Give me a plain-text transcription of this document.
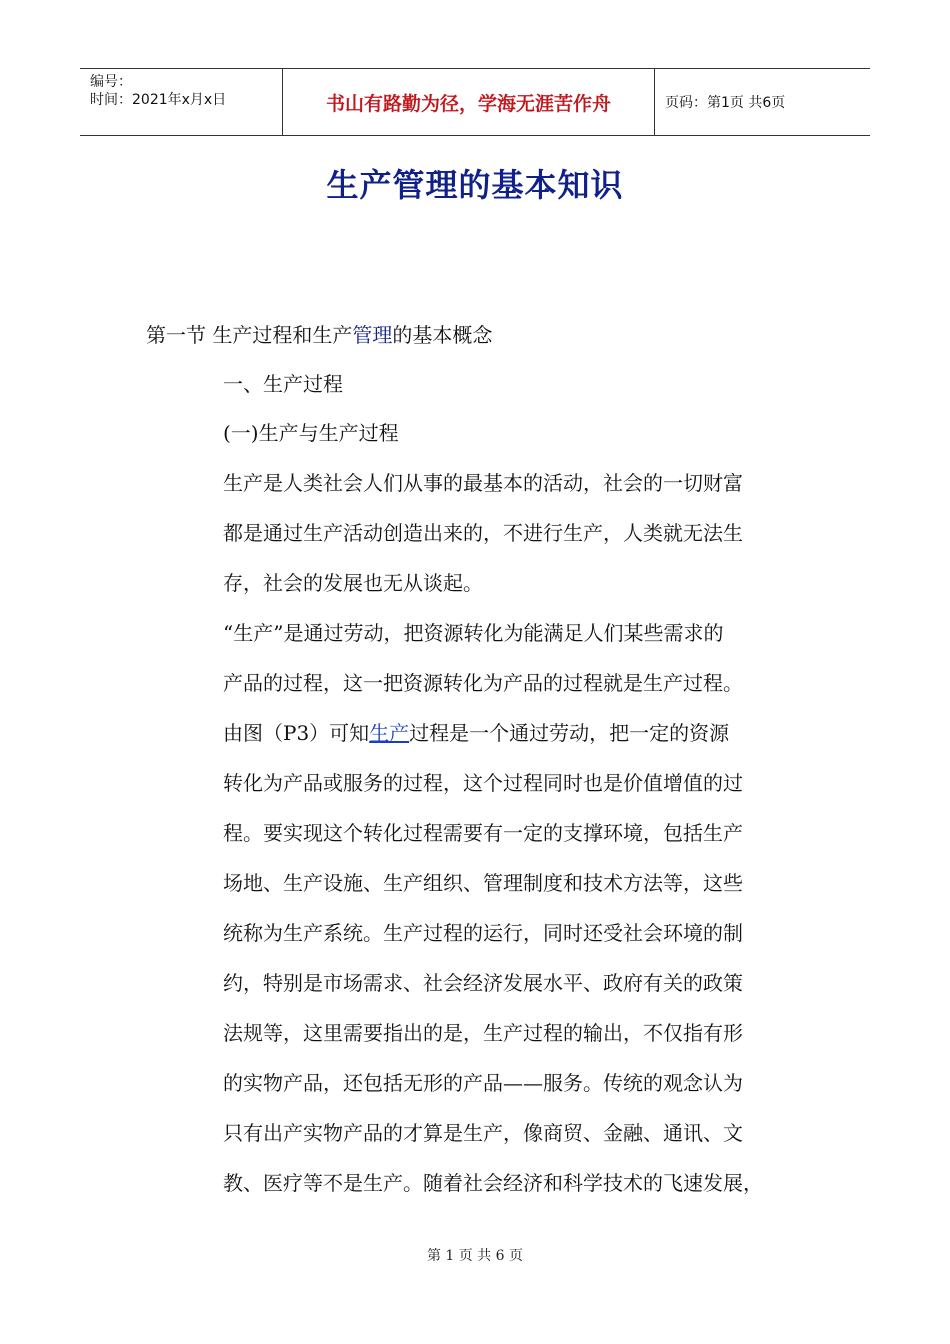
编号：
时间：2021年x月x日	书山有路勤为径，学海无涯苦作舟	页码：第1页 共6页
生产管理的基本知识
第一节 生产过程和生产管理的基本概念
一、生产过程
(一)生产与生产过程
生产是人类社会人们从事的最基本的活动，社会的一切财富
都是通过生产活动创造出来的，不进行生产，人类就无法生
存，社会的发展也无从谈起。
“生产”是通过劳动，把资源转化为能满足人们某些需求的
产品的过程，这一把资源转化为产品的过程就是生产过程。
由图（P3）可知生产过程是一个通过劳动，把一定的资源
转化为产品或服务的过程，这个过程同时也是价值增值的过
程。要实现这个转化过程需要有一定的支撑环境，包括生产
场地、生产设施、生产组织、管理制度和技术方法等，这些
统称为生产系统。生产过程的运行，同时还受社会环境的制
约，特别是市场需求、社会经济发展水平、政府有关的政策
法规等，这里需要指出的是，生产过程的输出，不仅指有形
的实物产品，还包括无形的产品——服务。传统的观念认为
只有出产实物产品的才算是生产，像商贸、金融、通讯、文
教、医疗等不是生产。随着社会经济和科学技术的飞速发展，
第 1 页 共 6 页
